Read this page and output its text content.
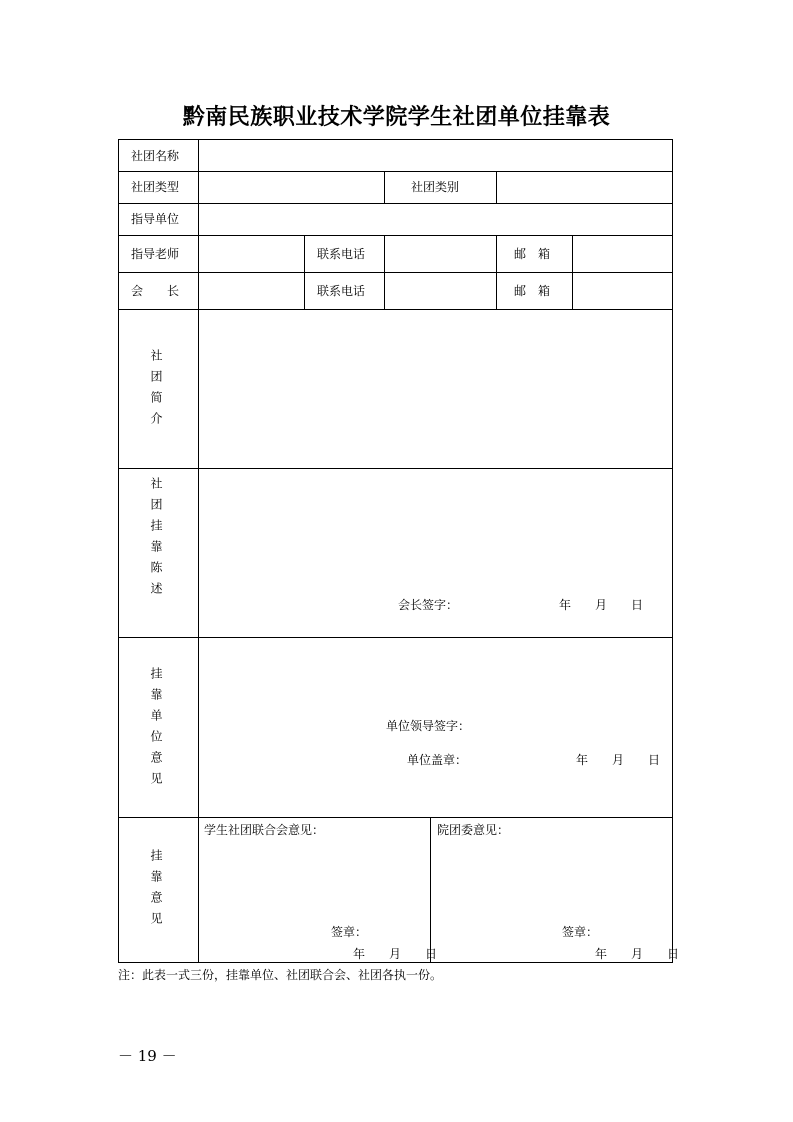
黔南民族职业技术学院学生社团单位挂靠表
社团名称
社团类型	社团类别
指导单位
指导老师	联系电话	邮　箱
会　　长	联系电话	邮　箱
社团简介
社团挂靠陈述
会长签字：	年　　月　　日
挂靠单位意见	单位领导签字：
单位盖章：	年　　月　　日
挂靠意见
学生社团联合会意见：
签章：
年　　月　　日
院团委意见：
签章：
年　　月　　日
注：此表一式三份，挂靠单位、社团联合会、社团各执一份。
－ 19 －
